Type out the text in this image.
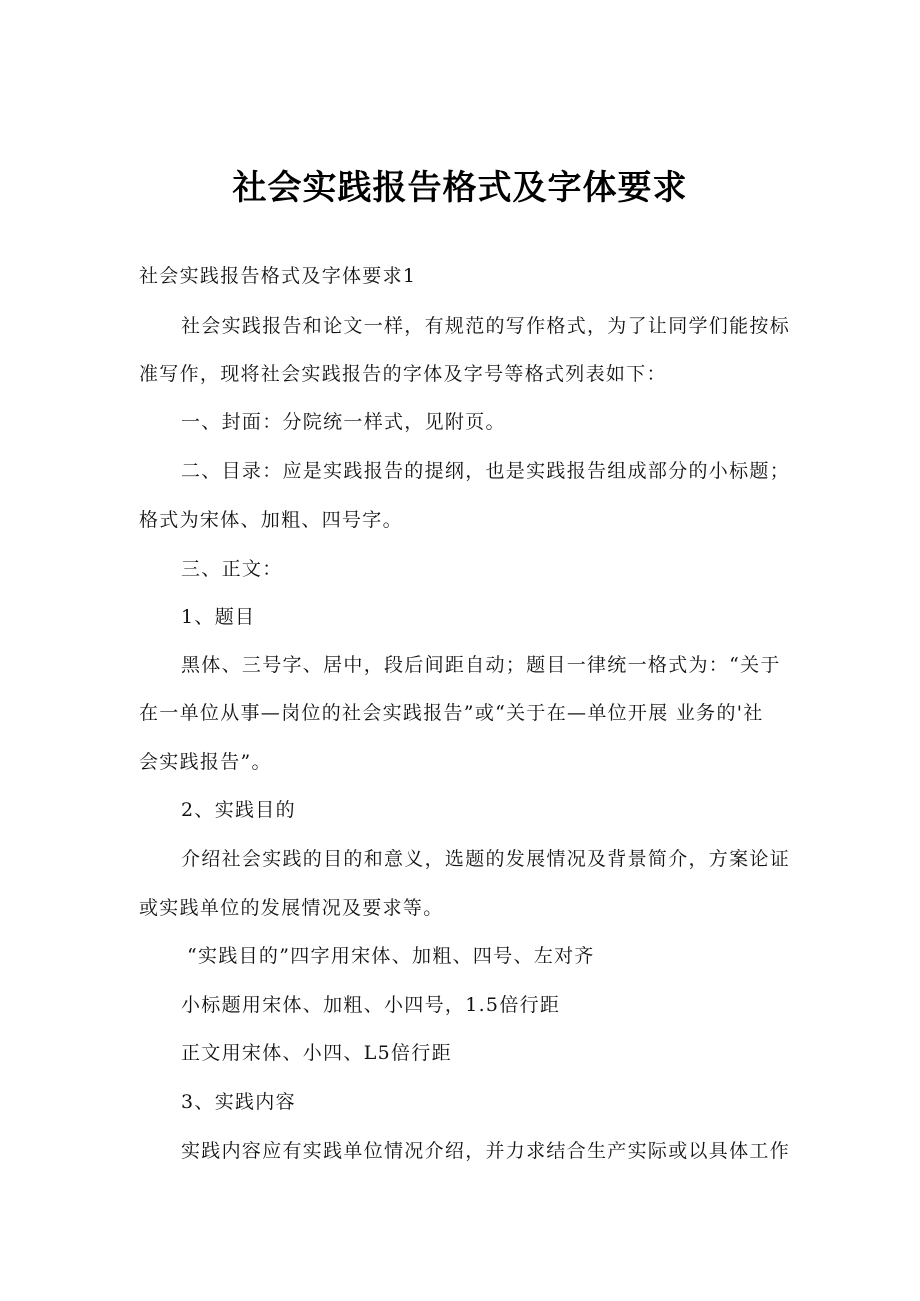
社会实践报告格式及字体要求
社会实践报告格式及字体要求1
社会实践报告和论文一样，有规范的写作格式，为了让同学们能按标
准写作，现将社会实践报告的字体及字号等格式列表如下：
一、封面：分院统一样式，见附页。
二、目录：应是实践报告的提纲，也是实践报告组成部分的小标题；
格式为宋体、加粗、四号字。
三、正文：
1、题目
黑体、三号字、居中，段后间距自动；题目一律统一格式为：“关于
在一单位从事—岗位的社会实践报告”或“关于在—单位开展 业务的'社
会实践报告”。
2、实践目的
介绍社会实践的目的和意义，选题的发展情况及背景简介，方案论证
或实践单位的发展情况及要求等。
“实践目的”四字用宋体、加粗、四号、左对齐
小标题用宋体、加粗、小四号，1.5倍行距
正文用宋体、小四、L5倍行距
3、实践内容
实践内容应有实践单位情况介绍，并力求结合生产实际或以具体工作
